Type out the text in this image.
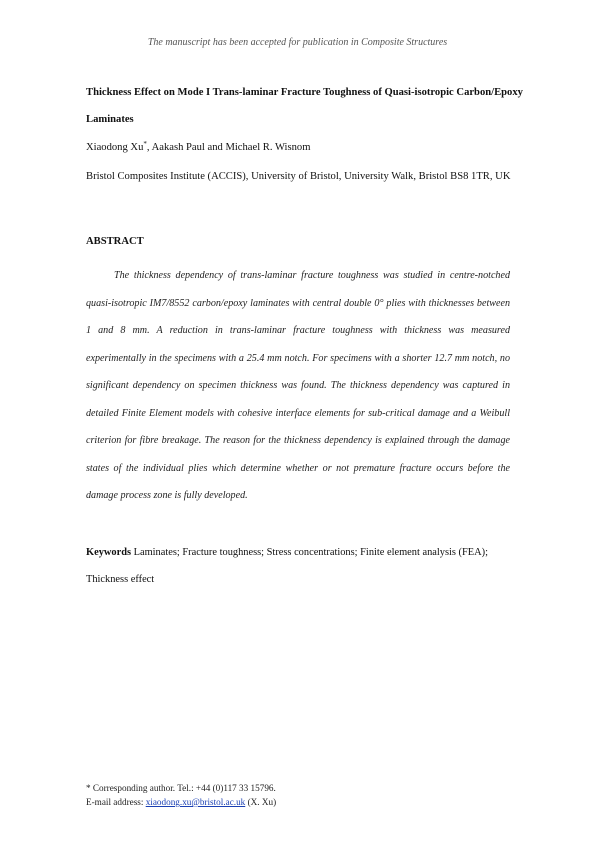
The manuscript has been accepted for publication in Composite Structures
Thickness Effect on Mode I Trans-laminar Fracture Toughness of Quasi-isotropic Carbon/Epoxy Laminates
Xiaodong Xu*, Aakash Paul and Michael R. Wisnom
Bristol Composites Institute (ACCIS), University of Bristol, University Walk, Bristol BS8 1TR, UK
ABSTRACT
The thickness dependency of trans-laminar fracture toughness was studied in centre-notched quasi-isotropic IM7/8552 carbon/epoxy laminates with central double 0° plies with thicknesses between 1 and 8 mm. A reduction in trans-laminar fracture toughness with thickness was measured experimentally in the specimens with a 25.4 mm notch. For specimens with a shorter 12.7 mm notch, no significant dependency on specimen thickness was found. The thickness dependency was captured in detailed Finite Element models with cohesive interface elements for sub-critical damage and a Weibull criterion for fibre breakage. The reason for the thickness dependency is explained through the damage states of the individual plies which determine whether or not premature fracture occurs before the damage process zone is fully developed.
Keywords Laminates; Fracture toughness; Stress concentrations; Finite element analysis (FEA); Thickness effect
* Corresponding author. Tel.: +44 (0)117 33 15796.
E-mail address: xiaodong.xu@bristol.ac.uk (X. Xu)
